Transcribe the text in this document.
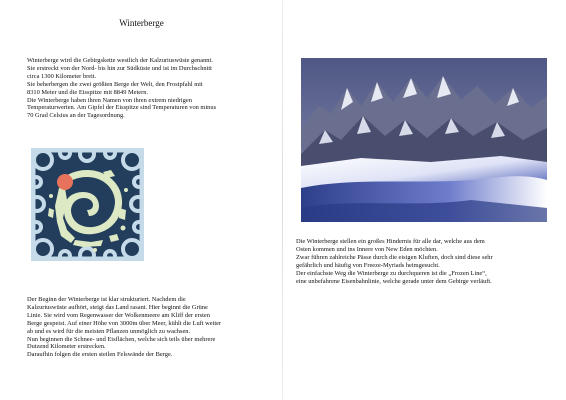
Winterberge
Winterberge wird die Gebirgskette westlich der Kalzuriuswüste genannt.
Sie erstreckt von der Nord- bis hin zur Südküste und ist im Durchschnitt
circa 1300 Kilometer breit.
Sie beherbergen die zwei größten Berge der Welt, den Frostpfahl mit
8310 Meter und die Eisspitze mit 8849 Metern.
Die Winterberge haben ihren Namen von ihren extrem niedrigen
Temperaturwerten. Am Gipfel der Eisspitze sind Temperaturen von minus
70 Grad Celsius an der Tagesordnung.
Der Beginn der Winterberge ist klar strukturiert. Nachdem die
Kalzuriuswüste aufhört, steigt das Land rasant. Hier beginnt die Grüne
Linie. Sie wird vom Regenwasser der Wolkenmeere am Kliff der ersten
Berge gespeist. Auf einer Höhe von 3000m über Meer, kühlt die Luft weiter
ab und es wird für die meisten Pflanzen unmöglich zu wachsen.
Nun beginnen die Schnee- und Eisflächen, welche sich teils über mehrere
Dutzend Kilometer erstrecken.
Daraufhin folgen die ersten steilen Felswände der Berge.
Die Winterberge stellen ein großes Hindernis für alle dar, welche aus dem
Osten kommen und ins Innere von New Eden möchten.
Zwar führen zahlreiche Pässe durch die eisigen Kluften, doch sind diese sehr
gefährlich und häufig von Freeze-Myriads heimgesucht.
Der einfachste Weg die Winterberge zu durchqueren ist die „Frozen Line“,
eine unbefahrene Eisenbahnlinie, welche gerade unter dem Gebirge verläuft.
